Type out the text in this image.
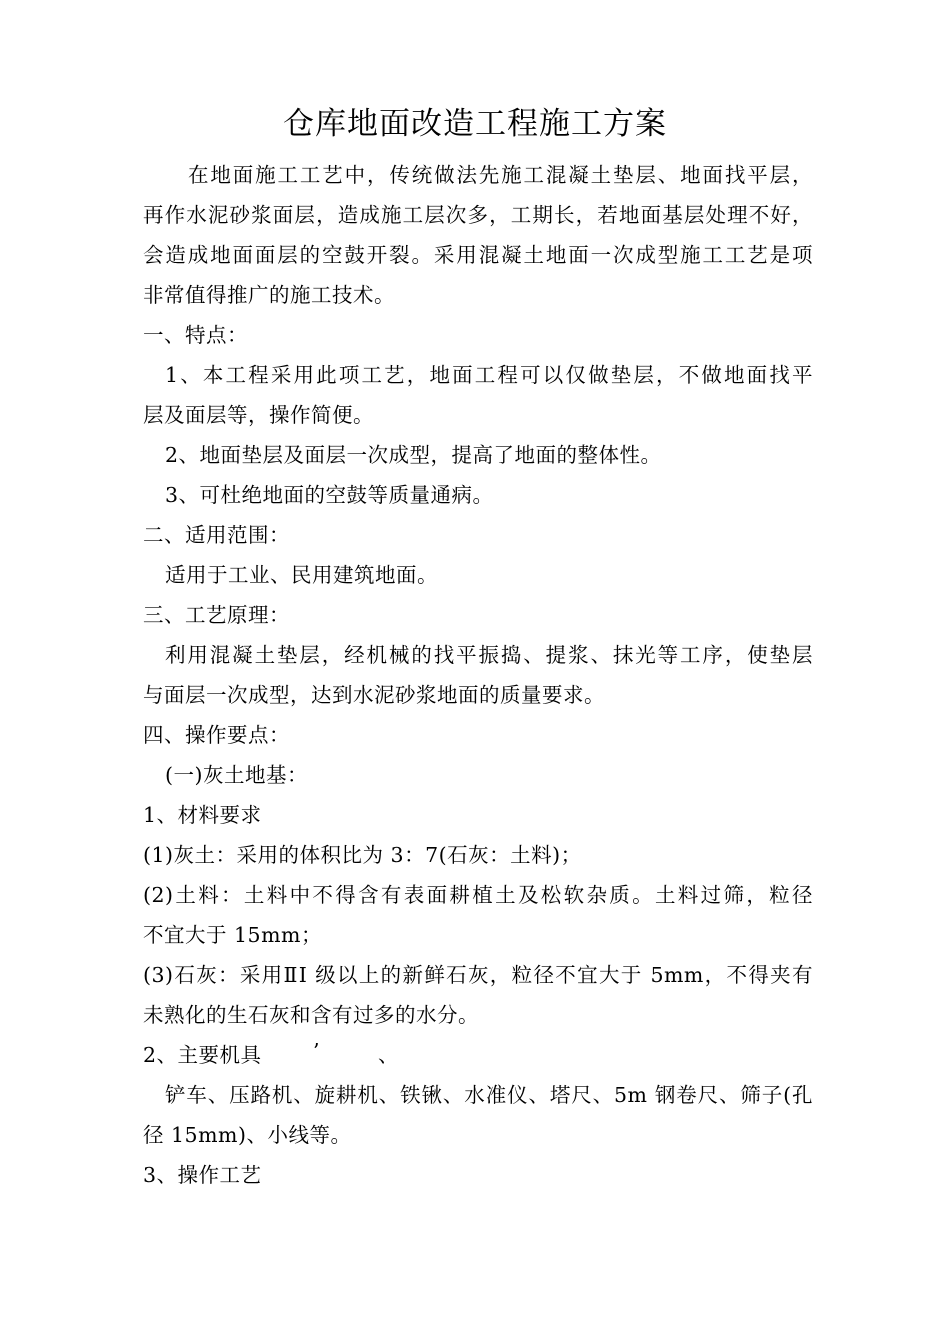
仓库地面改造工程施工方案
在地面施工工艺中，传统做法先施工混凝土垫层、地面找平层，
再作水泥砂浆面层，造成施工层次多，工期长，若地面基层处理不好，
会造成地面面层的空鼓开裂。采用混凝土地面一次成型施工工艺是项
非常值得推广的施工技术。
一、特点：
1、本工程采用此项工艺，地面工程可以仅做垫层，不做地面找平
层及面层等，操作简便。
2、地面垫层及面层一次成型，提高了地面的整体性。
3、可杜绝地面的空鼓等质量通病。
二、适用范围：
适用于工业、民用建筑地面。
三、工艺原理：
利用混凝土垫层，经机械的找平振捣、提浆、抹光等工序，使垫层
与面层一次成型，达到水泥砂浆地面的质量要求。
四、操作要点：
(一)灰土地基：
1、材料要求
(1)灰土：采用的体积比为 3：7(石灰：土料)；
(2)土料：土料中不得含有表面耕植土及松软杂质。土料过筛，粒径
不宜大于 15mm；
(3)石灰：采用ⅡI 级以上的新鲜石灰，粒径不宜大于 5mm，不得夹有
未熟化的生石灰和含有过多的水分。
2、主要机具	’	、
铲车、压路机、旋耕机、铁锹、水准仪、塔尺、5m 钢卷尺、筛子(孔
径 15mm)、小线等。
3、操作工艺
